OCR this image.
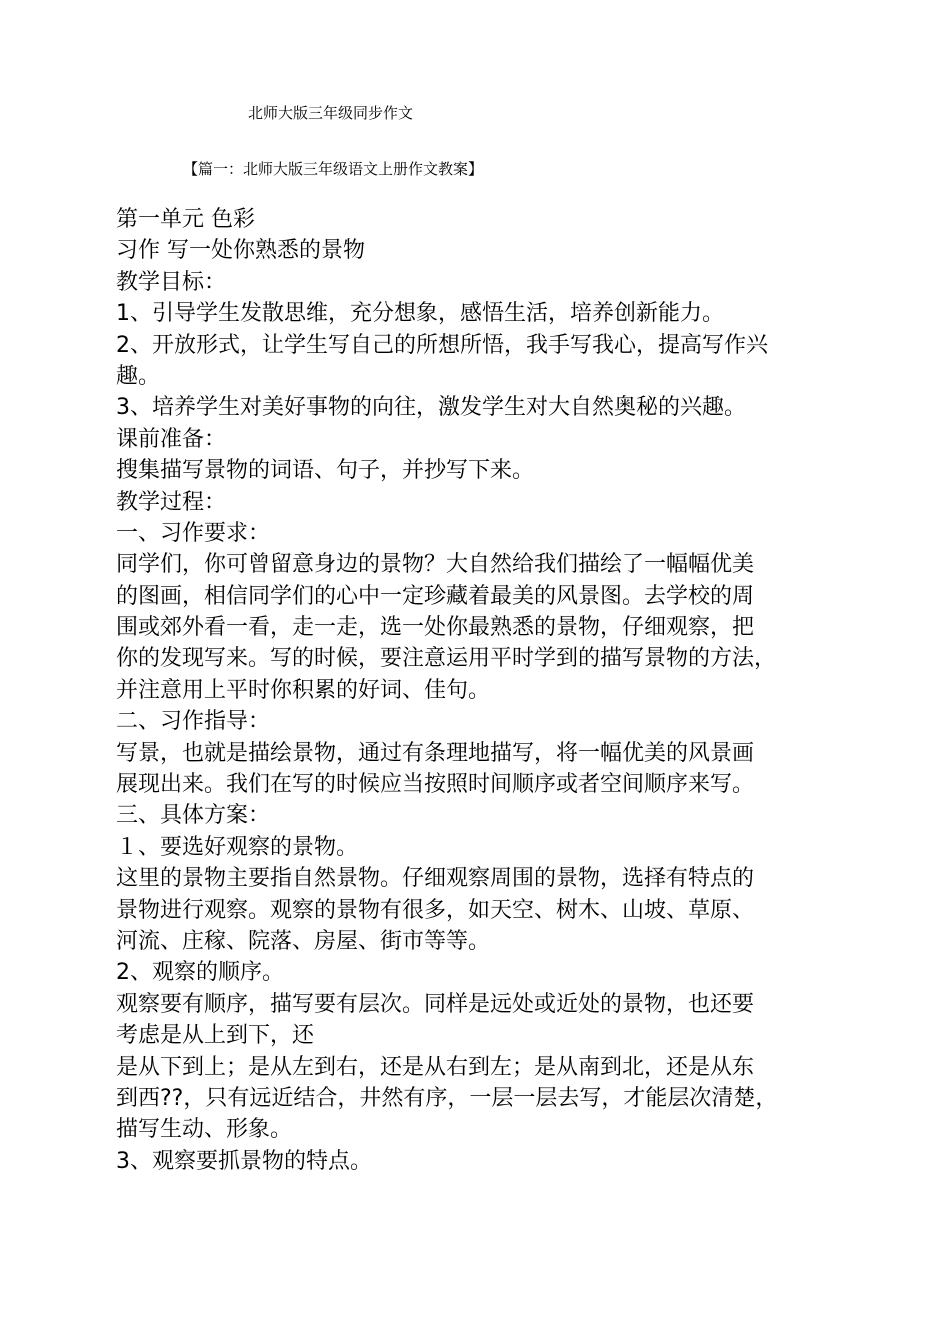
北师大版三年级同步作文
【篇一：北师大版三年级语文上册作文教案】
第一单元 色彩
习作 写一处你熟悉的景物
教学目标：
1、引导学生发散思维，充分想象，感悟生活，培养创新能力。
2、开放形式，让学生写自己的所想所悟，我手写我心，提高写作兴
趣。
3、培养学生对美好事物的向往，激发学生对大自然奥秘的兴趣。
课前准备：
搜集描写景物的词语、句子，并抄写下来。
教学过程：
一、习作要求：
同学们，你可曾留意身边的景物？大自然给我们描绘了一幅幅优美
的图画，相信同学们的心中一定珍藏着最美的风景图。去学校的周
围或郊外看一看，走一走，选一处你最熟悉的景物，仔细观察，把
你的发现写来。写的时候，要注意运用平时学到的描写景物的方法，
并注意用上平时你积累的好词、佳句。
二、习作指导：
写景，也就是描绘景物，通过有条理地描写，将一幅优美的风景画
展现出来。我们在写的时候应当按照时间顺序或者空间顺序来写。
三、具体方案：
１、要选好观察的景物。
这里的景物主要指自然景物。仔细观察周围的景物，选择有特点的
景物进行观察。观察的景物有很多，如天空、树木、山坡、草原、
河流、庄稼、院落、房屋、街市等等。
2、观察的顺序。
观察要有顺序，描写要有层次。同样是远处或近处的景物，也还要
考虑是从上到下，还
是从下到上；是从左到右，还是从右到左；是从南到北，还是从东
到西??，只有远近结合，井然有序，一层一层去写，才能层次清楚，
描写生动、形象。
3、观察要抓景物的特点。
